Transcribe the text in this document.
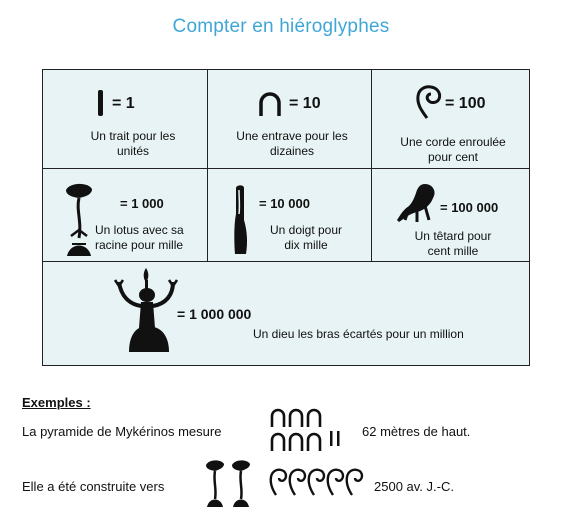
Compter en hiéroglyphes
= 1
Un trait pour les unités
= 10
Une entrave pour les dizaines
= 100
Une corde enroulée pour cent
= 1 000
Un lotus avec sa racine pour mille
= 10 000
Un doigt pour dix mille
= 100 000
Un têtard pour cent mille
= 1 000 000
Un dieu les bras écartés pour un million
Exemples :
La pyramide de Mykérinos mesure	62 mètres de haut.
Elle a été construite vers	2500 av. J.-C.
